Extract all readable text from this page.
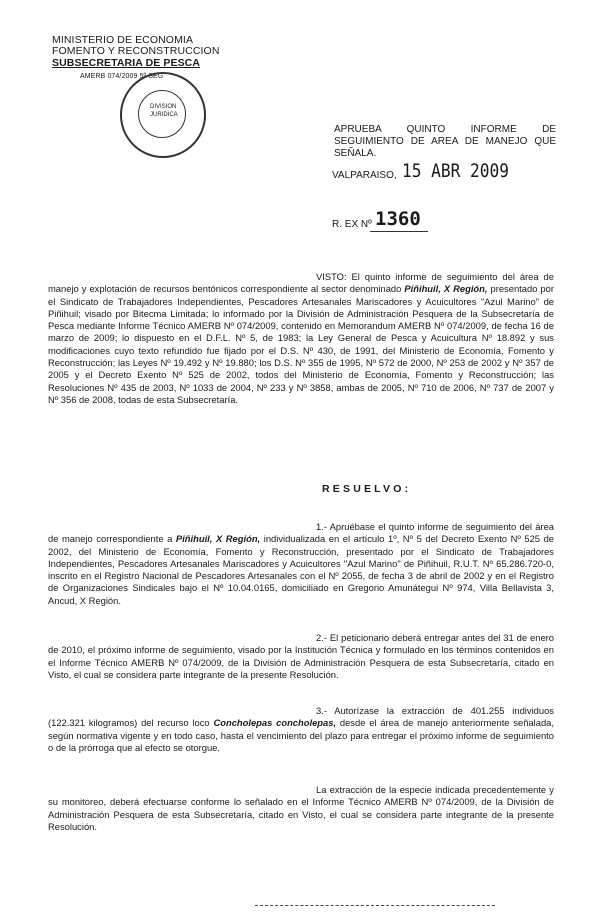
MINISTERIO DE ECONOMIA
FOMENTO Y RECONSTRUCCION
SUBSECRETARIA DE PESCA
AMERB 074/2009 5ª SEG
DIVISION
JURIDICA
APRUEBA QUINTO INFORME DE
SEGUIMIENTO DE AREA DE MANEJO QUE
SEÑALA.
VALPARAISO, 15 ABR 2009
R. EX Nº 1360

VISTO: El quinto informe de seguimiento del área de manejo y explotación de recursos bentónicos correspondiente al sector denominado Piñihuil, X Región, presentado por el Sindicato de Trabajadores Independientes, Pescadores Artesanales Mariscadores y Acuicultores "Azul Marino" de Piñihuil; visado por Bitecma Limitada; lo informado por la División de Administración Pesquera de la Subsecretaría de Pesca mediante Informe Técnico AMERB Nº 074/2009, contenido en Memorandum AMERB Nº 074/2009, de fecha 16 de marzo de 2009; lo dispuesto en el D.F.L. Nº 5, de 1983; la Ley General de Pesca y Acuicultura Nº 18.892 y sus modificaciones cuyo texto refundido fue fijado por el D.S. Nº 430, de 1991, del Ministerio de Economía, Fomento y Reconstrucción; las Leyes Nº 19.492 y Nº 19.880; los D.S. Nº 355 de 1995, Nº 572 de 2000, Nº 253 de 2002 y Nº 357 de 2005 y el Decreto Exento Nº 525 de 2002, todos del Ministerio de Economía, Fomento y Reconstrucción; las Resoluciones Nº 435 de 2003, Nº 1033 de 2004, Nº 233 y Nº 3858, ambas de 2005, Nº 710 de 2006, Nº 737 de 2007 y Nº 356 de 2008, todas de esta Subsecretaría.

RESUELVO:

1.- Apruébase el quinto informe de seguimiento del área de manejo correspondiente a Piñihuil, X Región, individualizada en el artículo 1º, Nº 5 del Decreto Exento Nº 525 de 2002, del Ministerio de Economía, Fomento y Reconstrucción, presentado por el Sindicato de Trabajadores Independientes, Pescadores Artesanales Mariscadores y Acuicultores "Azul Marino" de Piñihuil, R.U.T. Nº 65.286.720-0, inscrito en el Registro Nacional de Pescadores Artesanales con el Nº 2055, de fecha 3 de abril de 2002 y en el Registro de Organizaciones Sindicales bajo el Nº 10.04.0165, domiciliado en Gregorio Amunátegui Nº 974, Villa Bellavista 3, Ancud, X Región.

2.- El peticionario deberá entregar antes del 31 de enero de 2010, el próximo informe de seguimiento, visado por la Institución Técnica y formulado en los términos contenidos en el Informe Técnico AMERB Nº 074/2009, de la División de Administración Pesquera de esta Subsecretaría, citado en Visto, el cual se considera parte integrante de la presente Resolución.

3.- Autorízase la extracción de 401.255 individuos (122.321 kilogramos) del recurso loco Concholepas concholepas, desde el área de manejo anteriormente señalada, según normativa vigente y en todo caso, hasta el vencimiento del plazo para entregar el próximo informe de seguimiento o de la prórroga que al efecto se otorgue.

La extracción de la especie indicada precedentemente y su monitoreo, deberá efectuarse conforme lo señalado en el Informe Técnico AMERB Nº 074/2009, de la División de Administración Pesquera de esta Subsecretaría, citado en Visto, el cual se considera parte integrante de la presente Resolución.
